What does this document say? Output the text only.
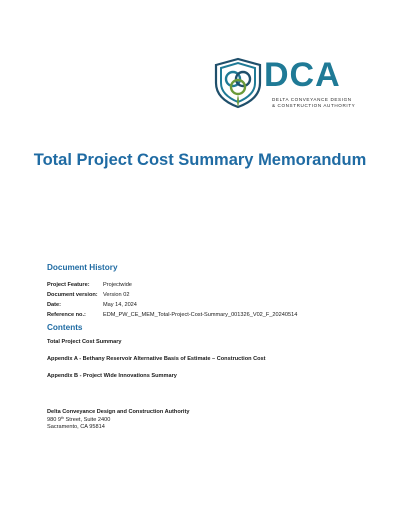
DCA
DELTA CONVEYANCE DESIGN
& CONSTRUCTION AUTHORITY
Total Project Cost Summary Memorandum
Document History
Project Feature: Projectwide
Document version: Version 02
Date:	May 14, 2024
Reference no.:	EDM_PW_CE_MEM_Total-Project-Cost-Summary_001326_V02_F_20240514
Contents
Total Project Cost Summary
Appendix A - Bethany Reservoir Alternative Basis of Estimate – Construction Cost
Appendix B - Project Wide Innovations Summary
Delta Conveyance Design and Construction Authority
980 9th Street, Suite 2400
Sacramento, CA 95814
